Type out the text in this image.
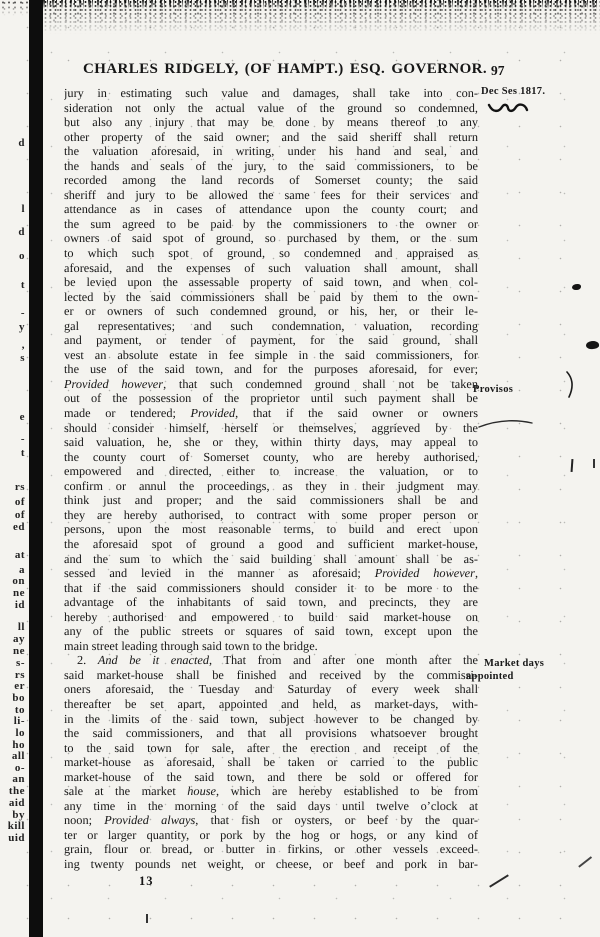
d
l
d
o
t
-
y
,
s
e
-
t
rs
of
of
ed
at
a
on
ne
id
ll
ay
ne
s-
rs
er
bo
to
li-
lo
ho
all
o-
an
the
aid
by
kill
uid
CHARLES RIDGELY, (OF HAMPT.) ESQ. GOVERNOR. 97
jury in estimating such value and damages, shall take into con-
sideration not only the actual value of the ground so condemned,
but also any injury that may be done by means thereof to any
other property of the said owner; and the said sheriff shall return
the valuation aforesaid, in writing, under his hand and seal, and
the hands and seals of the jury, to the said commissioners, to be
recorded among the land records of Somerset county; the said
sheriff and jury to be allowed the same fees for their services and
attendance as in cases of attendance upon the county court; and
the sum agreed to be paid by the commissioners to the owner or
owners of said spot of ground, so purchased by them, or the sum
to which such spot of ground, so condemned and appraised as
aforesaid, and the expenses of such valuation shall amount, shall
be levied upon the assessable property of said town, and when col-
lected by the said commissioners shall be paid by them to the own-
er or owners of such condemned ground, or his, her, or their le-
gal representatives; and such condemnation, valuation, recording
and payment, or tender of payment, for the said ground, shall
vest an absolute estate in fee simple in the said commissioners, for
the use of the said town, and for the purposes aforesaid, for ever;
Provided however, that such condemned ground shall not be taken
out of the possession of the proprietor until such payment shall be
made or tendered; Provided, that if the said owner or owners
should consider himself, herself or themselves, aggrieved by the
said valuation, he, she or they, within thirty days, may appeal to
the county court of Somerset county, who are hereby authorised,
empowered and directed, either to increase the valuation, or to
confirm or annul the proceedings, as they in their judgment may
think just and proper; and the said commissioners shall be and
they are hereby authorised, to contract with some proper person or
persons, upon the most reasonable terms, to build and erect upon
the aforesaid spot of ground a good and sufficient market-house,
and the sum to which the said building shall amount shall be as-
sessed and levied in the manner as aforesaid; Provided however,
that if the said commissioners should consider it to be more to the
advantage of the inhabitants of said town, and precincts, they are
hereby authorised and empowered to build said market-house on
any of the public streets or squares of said town, except upon the
main street leading through said town to the bridge.
2. And be it enacted, That from and after one month after the
said market-house shall be finished and received by the commissi-
oners aforesaid, the Tuesday and Saturday of every week shall
thereafter be set apart, appointed and held, as market-days, with-
in the limits of the said town, subject however to be changed by
the said commissioners, and that all provisions whatsoever brought
to the said town for sale, after the erection and receipt of the
market-house as aforesaid, shall be taken or carried to the public
market-house of the said town, and there be sold or offered for
sale at the market house, which are hereby established to be from
any time in the morning of the said days until twelve o’clock at
noon; Provided always, that fish or oysters, or beef by the quar-
ter or larger quantity, or pork by the hog or hogs, or any kind of
grain, flour or bread, or butter in firkins, or other vessels exceed-
ing twenty pounds net weight, or cheese, or beef and pork in bar-
Dec Ses 1817.
Provisos
Market days
appointed
13
